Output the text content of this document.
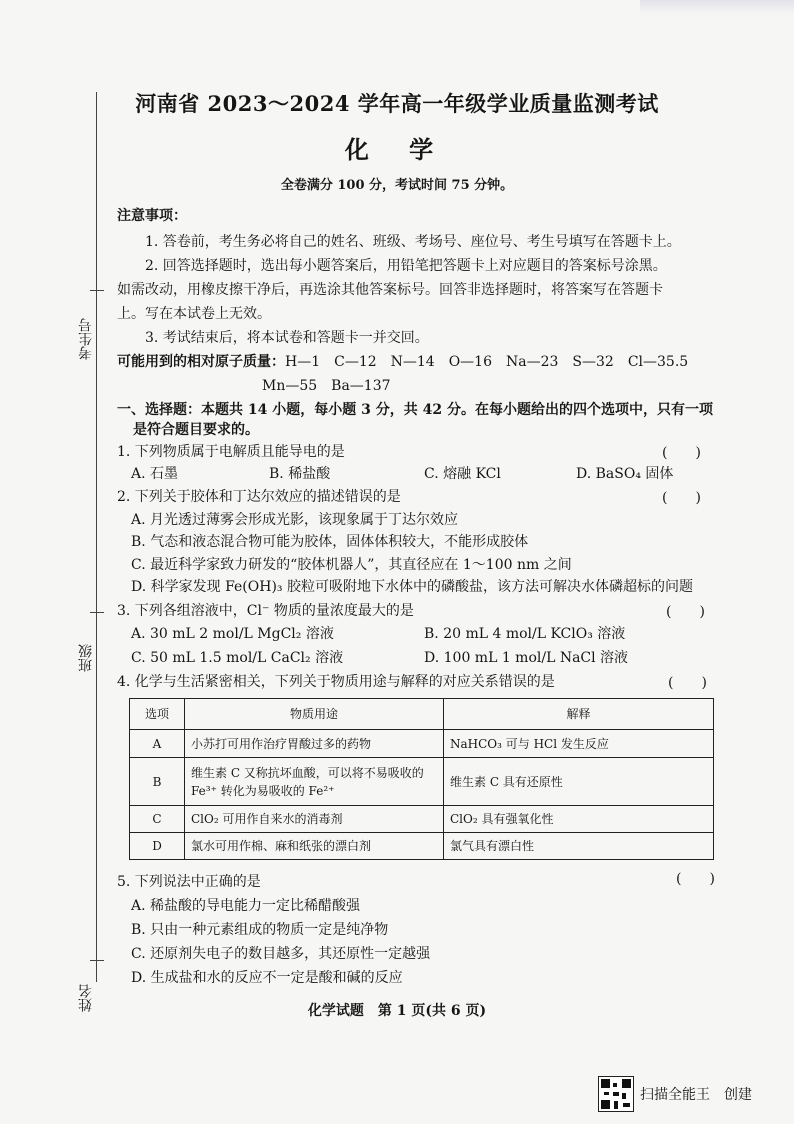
考生号
班级
姓名
河南省 2023～2024 学年高一年级学业质量监测考试
化 学
全卷满分 100 分，考试时间 75 分钟。
注意事项：
1. 答卷前，考生务必将自己的姓名、班级、考场号、座位号、考生号填写在答题卡上。
2. 回答选择题时，选出每小题答案后，用铅笔把答题卡上对应题目的答案标号涂黑。
如需改动，用橡皮擦干净后，再选涂其他答案标号。回答非选择题时，将答案写在答题卡
上。写在本试卷上无效。
3. 考试结束后，将本试卷和答题卡一并交回。
可能用到的相对原子质量：H—1　C—12　N—14　O—16　Na—23　S—32　Cl—35.5
Mn—55　Ba—137
一、选择题：本题共 14 小题，每小题 3 分，共 42 分。在每小题给出的四个选项中，只有一项
是符合题目要求的。
1. 下列物质属于电解质且能导电的是	(　　)
A. 石墨	B. 稀盐酸	C. 熔融 KCl	D. BaSO₄ 固体
2. 下列关于胶体和丁达尔效应的描述错误的是	(　　)
A. 月光透过薄雾会形成光影，该现象属于丁达尔效应
B. 气态和液态混合物可能为胶体，固体体积较大，不能形成胶体
C. 最近科学家致力研发的“胶体机器人”，其直径应在 1～100 nm 之间
D. 科学家发现 Fe(OH)₃ 胶粒可吸附地下水体中的磷酸盐，该方法可解决水体磷超标的问题
3. 下列各组溶液中，Cl⁻ 物质的量浓度最大的是	(　　)
A. 30 mL 2 mol/L MgCl₂ 溶液	B. 20 mL 4 mol/L KClO₃ 溶液
C. 50 mL 1.5 mol/L CaCl₂ 溶液	D. 100 mL 1 mol/L NaCl 溶液
4. 化学与生活紧密相关，下列关于物质用途与解释的对应关系错误的是	(　　)
选项	物质用途	解释
A	小苏打可用作治疗胃酸过多的药物	NaHCO₃ 可与 HCl 发生反应
B	维生素 C 又称抗坏血酸，可以将不易吸收的 Fe³⁺ 转化为易吸收的 Fe²⁺	维生素 C 具有还原性
C	ClO₂ 可用作自来水的消毒剂	ClO₂ 具有强氧化性
D	氯水可用作棉、麻和纸张的漂白剂	氯气具有漂白性
5. 下列说法中正确的是	(　　)
A. 稀盐酸的导电能力一定比稀醋酸强
B. 只由一种元素组成的物质一定是纯净物
C. 还原剂失电子的数目越多，其还原性一定越强
D. 生成盐和水的反应不一定是酸和碱的反应
化学试题　第 1 页(共 6 页)
扫描全能王　创建
